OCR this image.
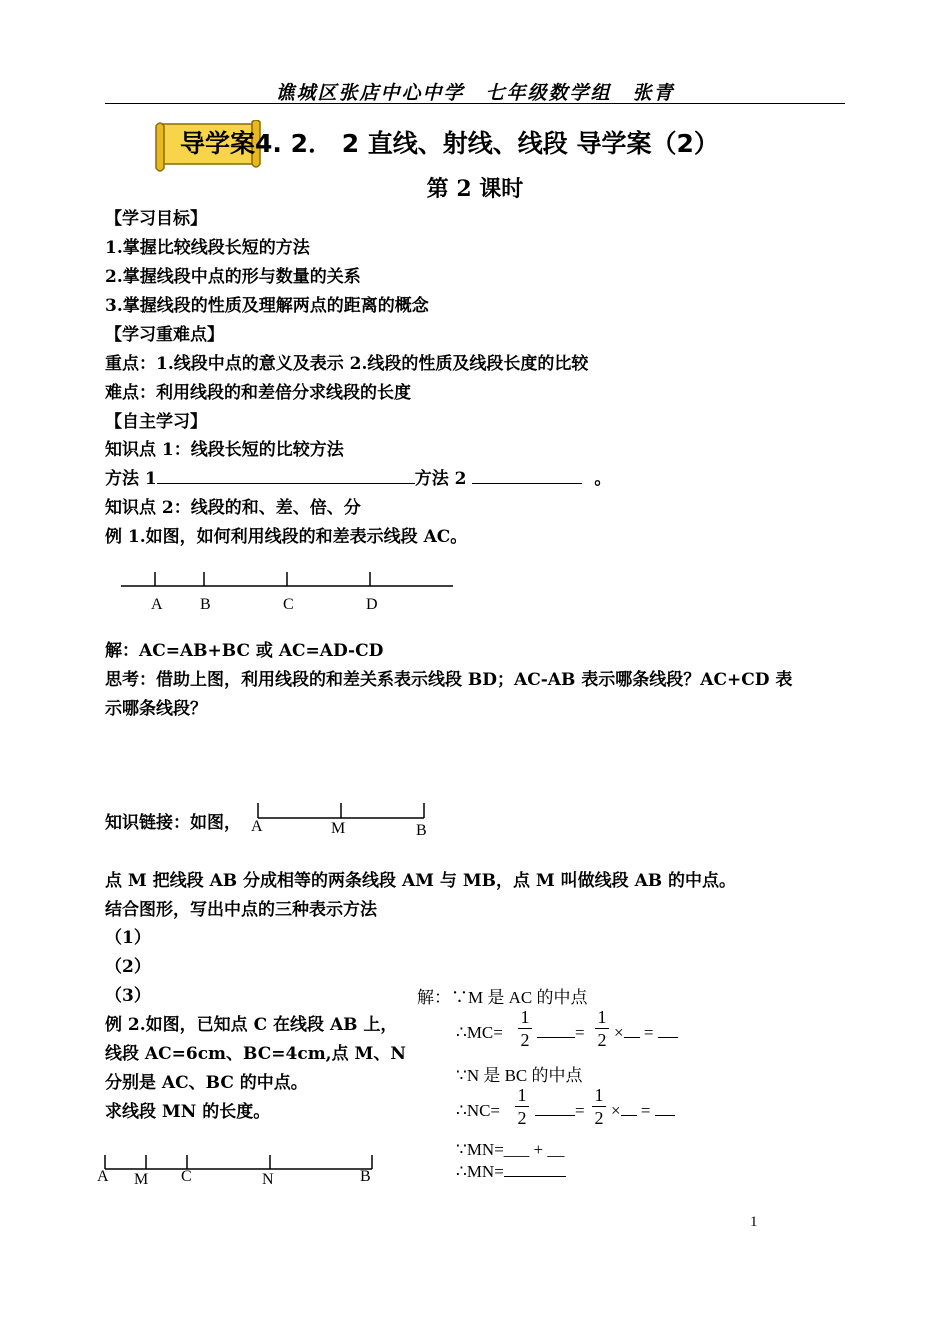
谯城区张店中心中学　七年级数学组　张青
导学案4. 2． 2 直线、射线、线段 导学案（2）
第 2 课时
【学习目标】
1.掌握比较线段长短的方法
2.掌握线段中点的形与数量的关系
3.掌握线段的性质及理解两点的距离的概念
【学习重难点】
重点：1.线段中点的意义及表示 2.线段的性质及线段长度的比较
难点：利用线段的和差倍分求线段的长度
【自主学习】
知识点 1：线段长短的比较方法
方法 1	方法 2	。
知识点 2：线段的和、差、倍、分
例 1.如图，如何利用线段的和差表示线段 AC。
A B	C	D
解：AC=AB+BC 或 AC=AD-CD
思考：借助上图，利用线段的和差关系表示线段 BD；AC-AB 表示哪条线段？AC+CD 表
示哪条线段？
知识链接：如图， A	M	B
点 M 把线段 AB 分成相等的两条线段 AM 与 MB，点 M 叫做线段 AB 的中点。
结合图形，写出中点的三种表示方法
（1）
（2）
（3）
例 2.如图，已知点 C 在线段 AB 上，
线段 AC=6cm、BC=4cm,点 M、N
分别是 AC、BC 的中点。
求线段 MN 的长度。
A M C	N	B
解：∵M 是 AC 的中点
∴MC=
1
2	=
1
2 × =
∵N 是 BC 的中点
∴NC=
1
2	=
1
2 × =
∵MN=___ + __
∴MN=
1
